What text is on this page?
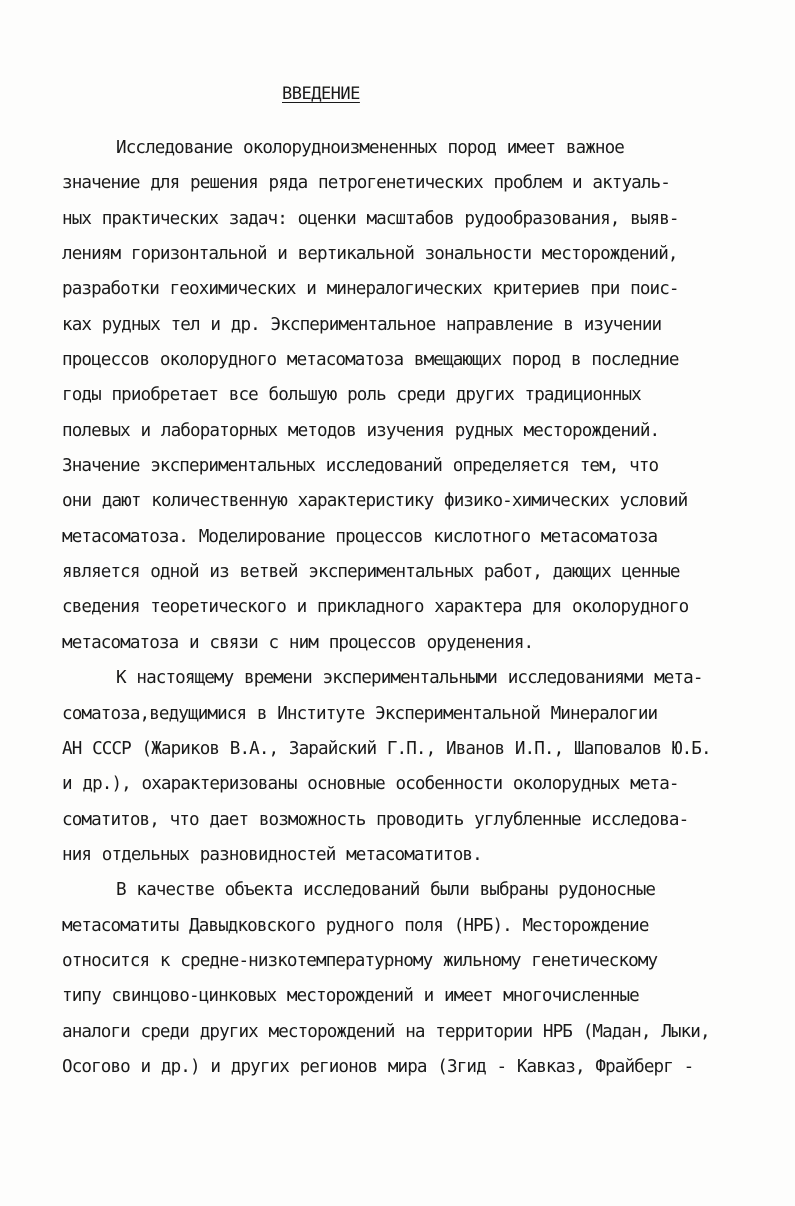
ВВЕДЕНИЕ
Исследование околорудноизмененных пород имеет важное
значение для решения ряда петрогенетических проблем и актуаль-
ных практических задач: оценки масштабов рудообразования, выяв-
лениям горизонтальной и вертикальной зональности месторождений,
разработки геохимических и минералогических критериев при поис-
ках рудных тел и др. Экспериментальное направление в изучении
процессов околорудного метасоматоза вмещающих пород в последние
годы приобретает все большую роль среди других традиционных
полевых и лабораторных методов изучения рудных месторождений.
Значение экспериментальных исследований определяется тем, что
они дают количественную характеристику физико-химических условий
метасоматоза. Моделирование процессов кислотного метасоматоза
является одной из ветвей экспериментальных работ, дающих ценные
сведения теоретического и прикладного характера для околорудного
метасоматоза и связи с ним процессов оруденения.
К настоящему времени экспериментальными исследованиями мета-
соматоза,ведущимися в Институте Экспериментальной Минералогии
АН СССР (Жариков В.А., Зарайский Г.П., Иванов И.П., Шаповалов Ю.Б.
и др.), охарактеризованы основные особенности околорудных мета-
соматитов, что дает возможность проводить углубленные исследова-
ния отдельных разновидностей метасоматитов.
В качестве объекта исследований были выбраны рудоносные
метасоматиты Давыдковского рудного поля (НРБ). Месторождение
относится к средне-низкотемпературному жильному генетическому
типу свинцово-цинковых месторождений и имеет многочисленные
аналоги среди других месторождений на территории НРБ (Мадан, Лыки,
Осогово и др.) и других регионов мира (Згид - Кавказ, Фрайберг -
